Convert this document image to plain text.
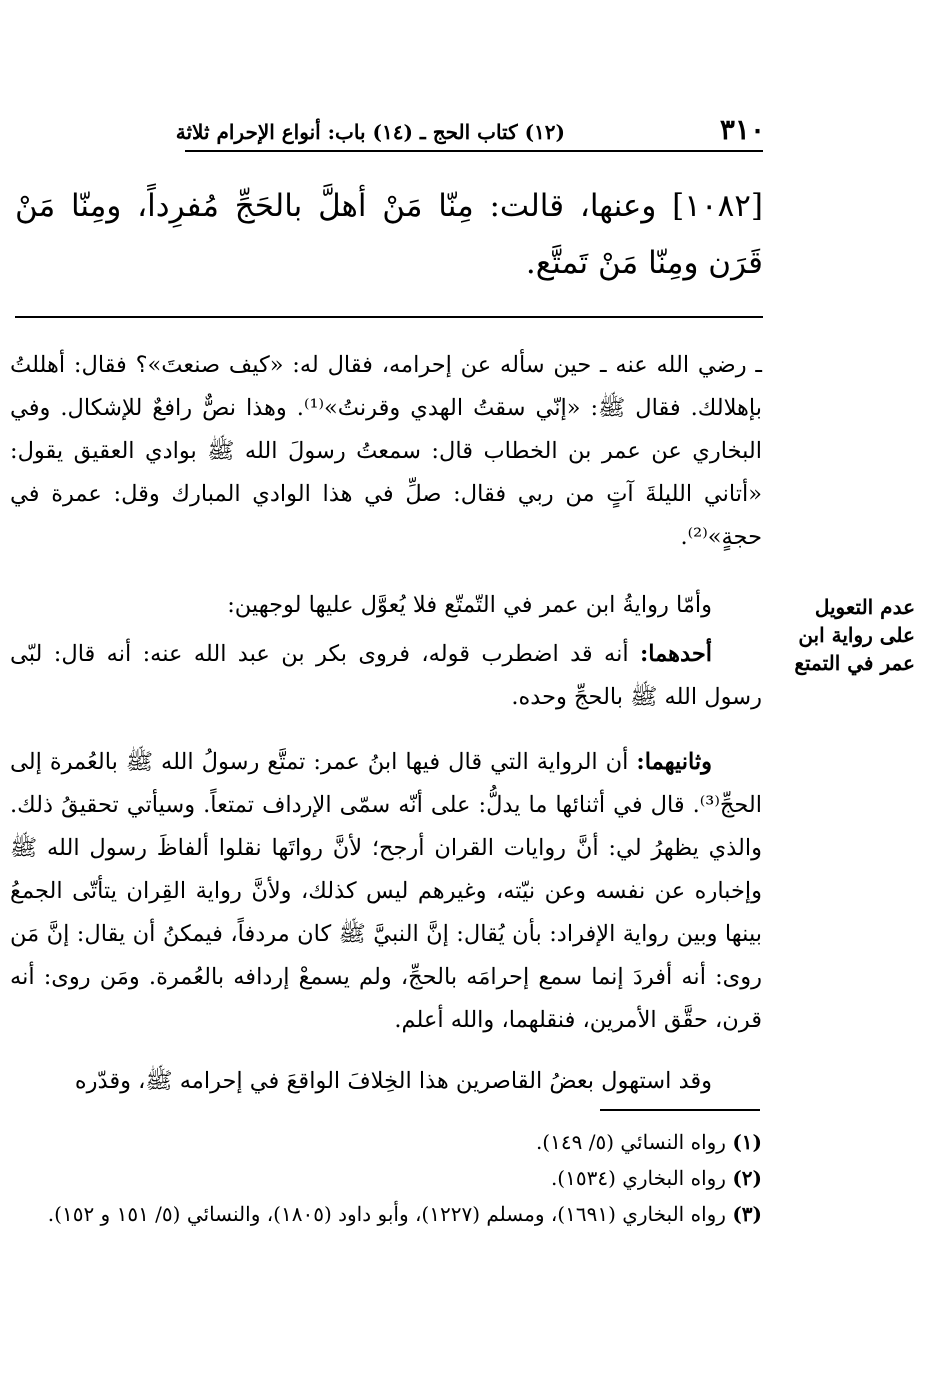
٣١٠
(١٢) كتاب الحج ـ (١٤) باب: أنواع الإحرام ثلاثة
[١٠٨٢] وعنها، قالت: مِنّا مَنْ أهلَّ بالحَجِّ مُفرِداً، ومِنّا مَنْ قَرَن ومِنّا مَنْ تَمتَّع.

ـ رضي الله عنه ـ حين سأله عن إحرامه، فقال له: «كيف صنعتَ»؟ فقال: أهللتُ بإهلالك. فقال ﷺ: «إنّي سقتُ الهدي وقرنتُ»⁽¹⁾. وهذا نصٌّ رافعٌ للإشكال. وفي البخاري عن عمر بن الخطاب قال: سمعتُ رسولَ الله ﷺ بوادي العقيق يقول: «أتاني الليلةَ آتٍ من ربي فقال: صلِّ في هذا الوادي المبارك وقل: عمرة في حجةٍ»⁽²⁾.

وأمّا روايةُ ابن عمر في التّمتّع فلا يُعوَّل عليها لوجهين:

أحدهما: أنه قد اضطرب قوله، فروى بكر بن عبد الله عنه: أنه قال: لبّى رسول الله ﷺ بالحجِّ وحده.

وثانيهما: أن الرواية التي قال فيها ابنُ عمر: تمتَّع رسولُ الله ﷺ بالعُمرة إلى الحجِّ⁽³⁾. قال في أثنائها ما يدلُّ: على أنّه سمّى الإرداف تمتعاً. وسيأتي تحقيقُ ذلك. والذي يظهرُ لي: أنَّ روايات القران أرجح؛ لأنَّ رواتَها نقلوا ألفاظَ رسول الله ﷺ وإخباره عن نفسه وعن نيّته، وغيرهم ليس كذلك، ولأنَّ رواية القِران يتأتّى الجمعُ بينها وبين رواية الإفراد: بأن يُقال: إنَّ النبيَّ ﷺ كان مردفاً، فيمكنُ أن يقال: إنَّ مَن روى: أنه أفردَ إنما سمع إحرامَه بالحجِّ، ولم يسمعْ إردافه بالعُمرة. ومَن روى: أنه قرن، حقَّق الأمرين، فنقلهما، والله أعلم.

وقد استهول بعضُ القاصرين هذا الخِلافَ الواقعَ في إحرامه ﷺ، وقدّره

عدم التعويل على رواية ابن عمر في التمتع

(١) رواه النسائي (٥/ ١٤٩).

(٢) رواه البخاري (١٥٣٤).

(٣) رواه البخاري (١٦٩١)، ومسلم (١٢٢٧)، وأبو داود (١٨٠٥)، والنسائي (٥/ ١٥١ و ١٥٢).
